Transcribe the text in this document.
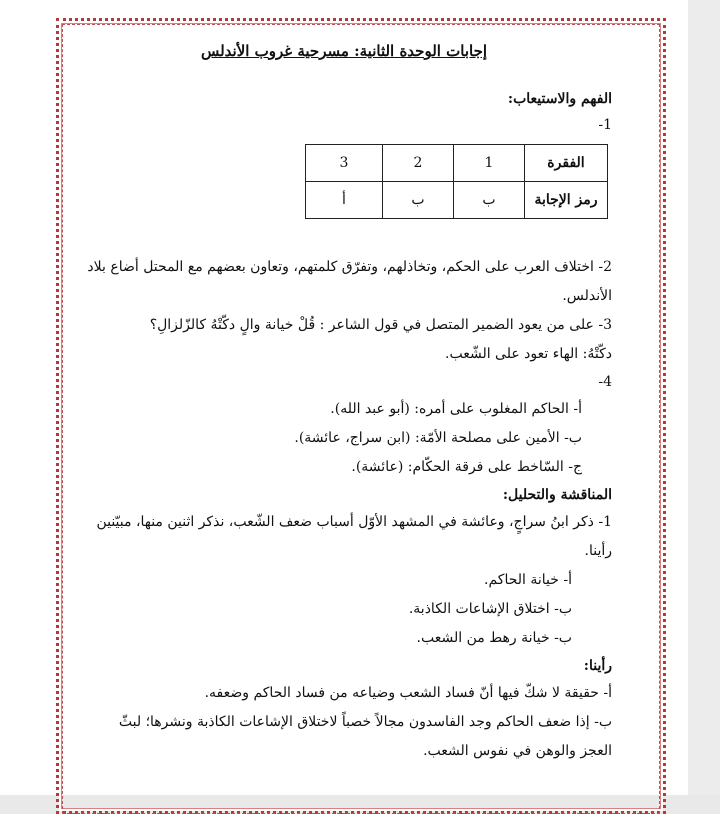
إجابات الوحدة الثانية: مسرحية غروب الأندلس
الفهم والاستيعاب:
1-
الفقرة	1	2	3
رمز الإجابة	ب	ب	أ
2- اختلاف العرب على الحكم، وتخاذلهم، وتفرّق كلمتهم، وتعاون بعضهم مع المحتل أضاع بلاد
الأندلس.
3- على من يعود الضمير المتصل في قول الشاعر : قُلْ خيانة والٍ دكّتْهُ كالزّلزالِ؟
دكّتْهُ: الهاء تعود على الشّعب.
4-
أ- الحاكم المغلوب على أمره: (أبو عبد الله).
ب- الأمين على مصلحة الأمّة: (ابن سراج، عائشة).
ج- السّاخط على فرقة الحكّام: (عائشة).
المناقشة والتحليل:
1- ذكر ابنُ سراجٍ، وعائشة في المشهد الأوّل أسباب ضعف الشّعب، نذكر اثنين منها، مبيّنين
رأينا.
أ- خيانة الحاكم.
ب- اختلاق الإشاعات الكاذبة.
ب- خيانة رهط من الشعب.
رأينا:
أ- حقيقة لا شكّ فيها أنّ فساد الشعب وضياعه من فساد الحاكم وضعفه.
ب- إذا ضعف الحاكم وجد الفاسدون مجالاً خصباً لاختلاق الإشاعات الكاذبة ونشرها؛ لبثّ
العجز والوهن في نفوس الشعب.
